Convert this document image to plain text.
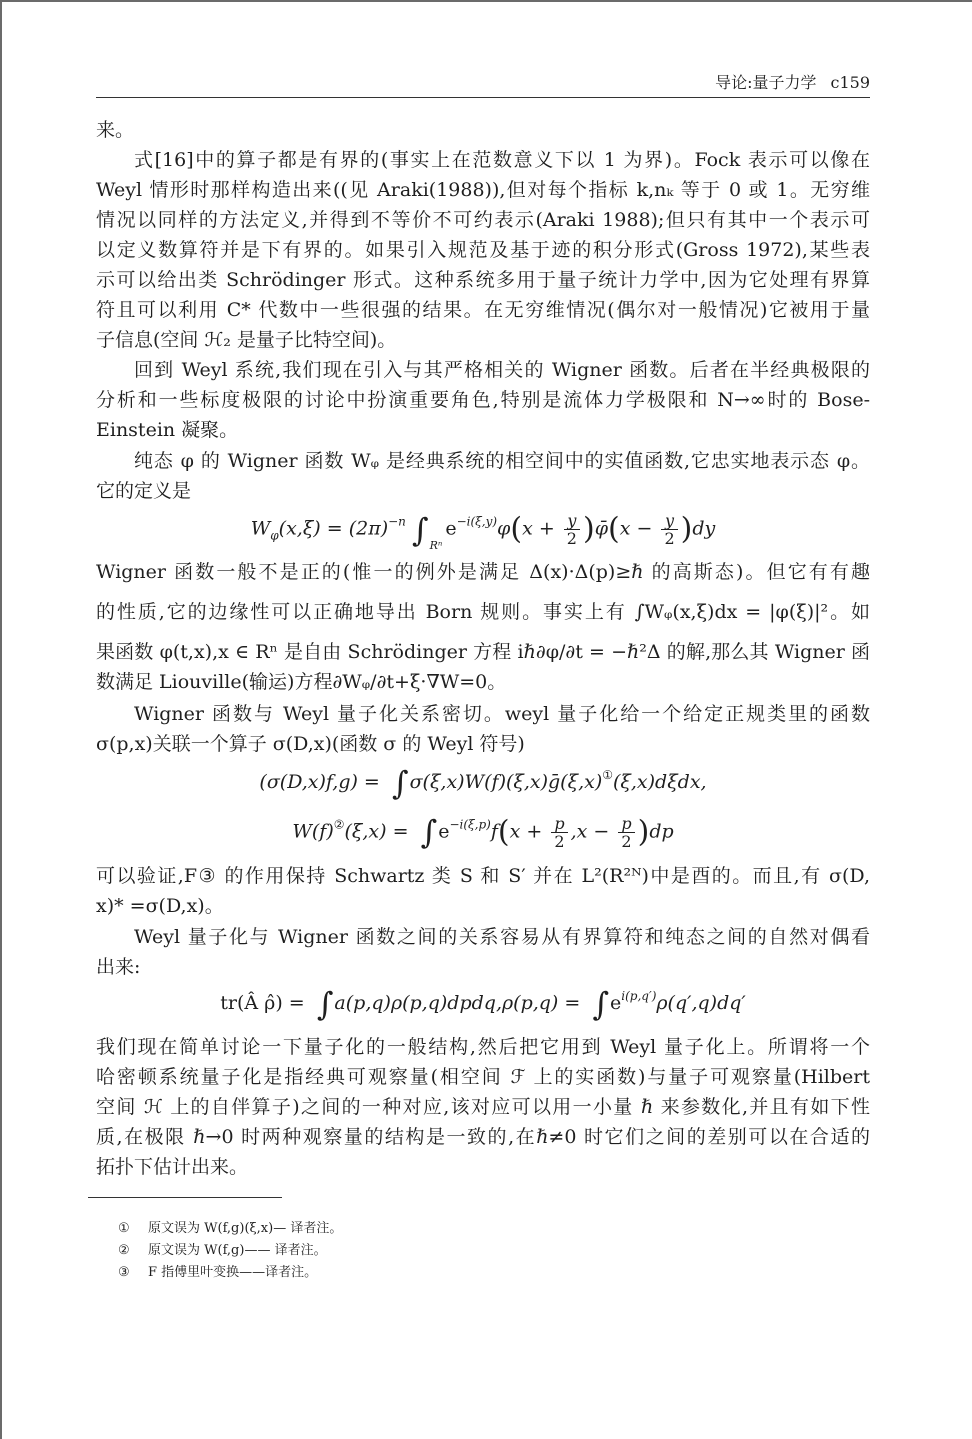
导论:量子力学 c159
来。
式[16]中的算子都是有界的(事实上在范数意义下以 1 为界)。Fock 表示可以像在
Weyl 情形时那样构造出来((见 Araki(1988)),但对每个指标 k,nₖ 等于 0 或 1。无穷维
情况以同样的方法定义,并得到不等价不可约表示(Araki 1988);但只有其中一个表示可
以定义数算符并是下有界的。如果引入规范及基于迹的积分形式(Gross 1972),某些表
示可以给出类 Schrödinger 形式。这种系统多用于量子统计力学中,因为它处理有界算
符且可以利用 C* 代数中一些很强的结果。在无穷维情况(偶尔对一般情况)它被用于量
子信息(空间 ℋ₂ 是量子比特空间)。
回到 Weyl 系统,我们现在引入与其严格相关的 Wigner 函数。后者在半经典极限的
分析和一些标度极限的讨论中扮演重要角色,特别是流体力学极限和 N→∞时的 Bose-
Einstein 凝聚。
纯态 φ 的 Wigner 函数 Wᵩ 是经典系统的相空间中的实值函数,它忠实地表示态 φ。
它的定义是
$W_\varphi(x,\xi) = (2\pi)^{-n}$ $\int_{R^n}e^{-i(\xi,y)}\varphi(x + \frac{y}{2}$ )φ̄(x − $\frac{y}{2} )dy$
Wigner 函数一般不是正的(惟一的例外是满足 Δ(x)·Δ(p)≥ℏ 的高斯态)。但它有有趣
的性质,它的边缘性可以正确地导出 Born 规则。事实上有 ∫Wᵩ(x,ξ)dx = |φ(ξ)|²。如
果函数 φ(t,x),x ∈ Rⁿ 是自由 Schrödinger 方程 iℏ∂φ/∂t = −ℏ²Δ 的解,那么其 Wigner 函
数满足 Liouville(输运)方程∂Wᵩ/∂t+ξ·∇W=0。
Wigner 函数与 Weyl 量子化关系密切。weyl 量子化给一个给定正规类里的函数
σ(p,x)关联一个算子 σ(D,x)(函数 σ 的 Weyl 符号)
(σ(D,x)f,g) = ∫σ(ξ,x)W(f)(ξ,x)ḡ(ξ,x)①(ξ,x)dξdx,
$W(f)^②(\xi,x) = \int e^{-i(\xi,p)}f(x + \frac{p}{2} ,x - \frac{p}{2} )dp$
可以验证,F③ 的作用保持 Schwartz 类 S 和 S′ 并在 L²(R²ᴺ)中是酉的。而且,有 σ(D,
x)* =σ(D,x)。
Weyl 量子化与 Wigner 函数之间的关系容易从有界算符和纯态之间的自然对偶看
出来:
tr(Â ρ̂) = ∫a(p,q)ρ(p,q)dpdq,ρ(p,q) = $\int e^{i(p,q')}\rho(q',q)dq'$
我们现在简单讨论一下量子化的一般结构,然后把它用到 Weyl 量子化上。所谓将一个
哈密顿系统量子化是指经典可观察量(相空间 ℱ 上的实函数)与量子可观察量(Hilbert
空间 ℋ 上的自伴算子)之间的一种对应,该对应可以用一小量 ℏ 来参数化,并且有如下性
质,在极限 ℏ→0 时两种观察量的结构是一致的,在ℏ≠0 时它们之间的差别可以在合适的
拓扑下估计出来。
① 原文误为 W(f,g)(ξ,x)— 译者注。
② 原文误为 W(f,g)—— 译者注。
③ F 指傅里叶变换——译者注。
